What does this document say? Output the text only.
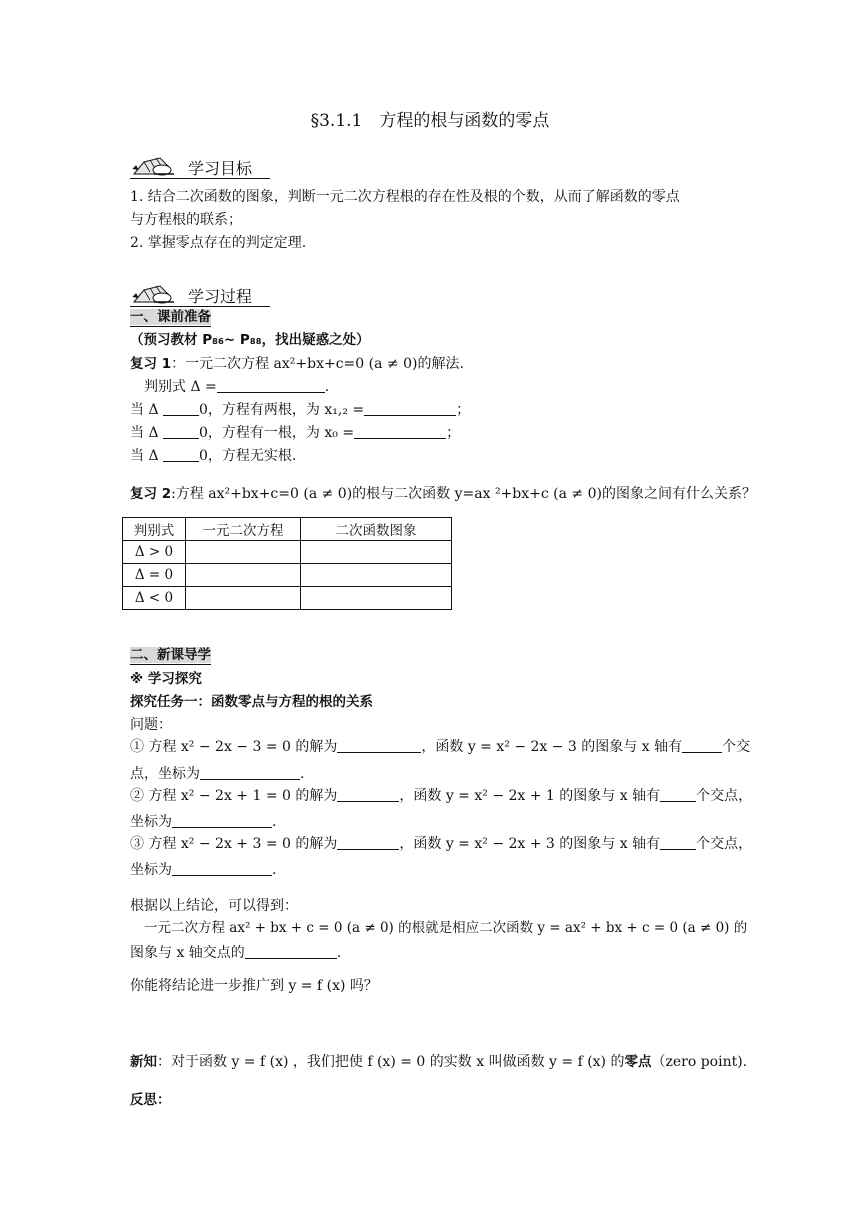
§3.1.1　方程的根与函数的零点
学习目标
1. 结合二次函数的图象，判断一元二次方程根的存在性及根的个数，从而了解函数的零点
与方程根的联系；
2. 掌握零点存在的判定定理.
学习过程
一、课前准备
（预习教材 P₈₆~ P₈₈，找出疑惑之处）
复习 1：一元二次方程 ax²+bx+c=0 (a ≠ 0)的解法.
判别式 Δ =	.
当 Δ	0，方程有两根，为 x₁,₂ =	；
当 Δ	0，方程有一根，为 x₀ =	；
当 Δ	0，方程无实根.
复习 2:方程 ax²+bx+c=0 (a ≠ 0)的根与二次函数 y=ax ²+bx+c (a ≠ 0)的图象之间有什么关系？
判别式	一元二次方程	二次函数图象
Δ > 0		
Δ = 0		
Δ < 0		
二、新课导学
※ 学习探究
探究任务一：函数零点与方程的根的关系
问题：
① 方程 x² − 2x − 3 = 0 的解为	，函数 y = x² − 2x − 3 的图象与 x 轴有	个交
点，坐标为	.
② 方程 x² − 2x + 1 = 0 的解为	，函数 y = x² − 2x + 1 的图象与 x 轴有	个交点，
坐标为	.
③ 方程 x² − 2x + 3 = 0 的解为	，函数 y = x² − 2x + 3 的图象与 x 轴有	个交点，
坐标为	.
根据以上结论，可以得到：
一元二次方程 ax² + bx + c = 0 (a ≠ 0) 的根就是相应二次函数 y = ax² + bx + c = 0 (a ≠ 0) 的
图象与 x 轴交点的	.
你能将结论进一步推广到 y = f (x) 吗？
新知：对于函数 y = f (x) ，我们把使 f (x) = 0 的实数 x 叫做函数 y = f (x) 的零点（zero point).
反思：
